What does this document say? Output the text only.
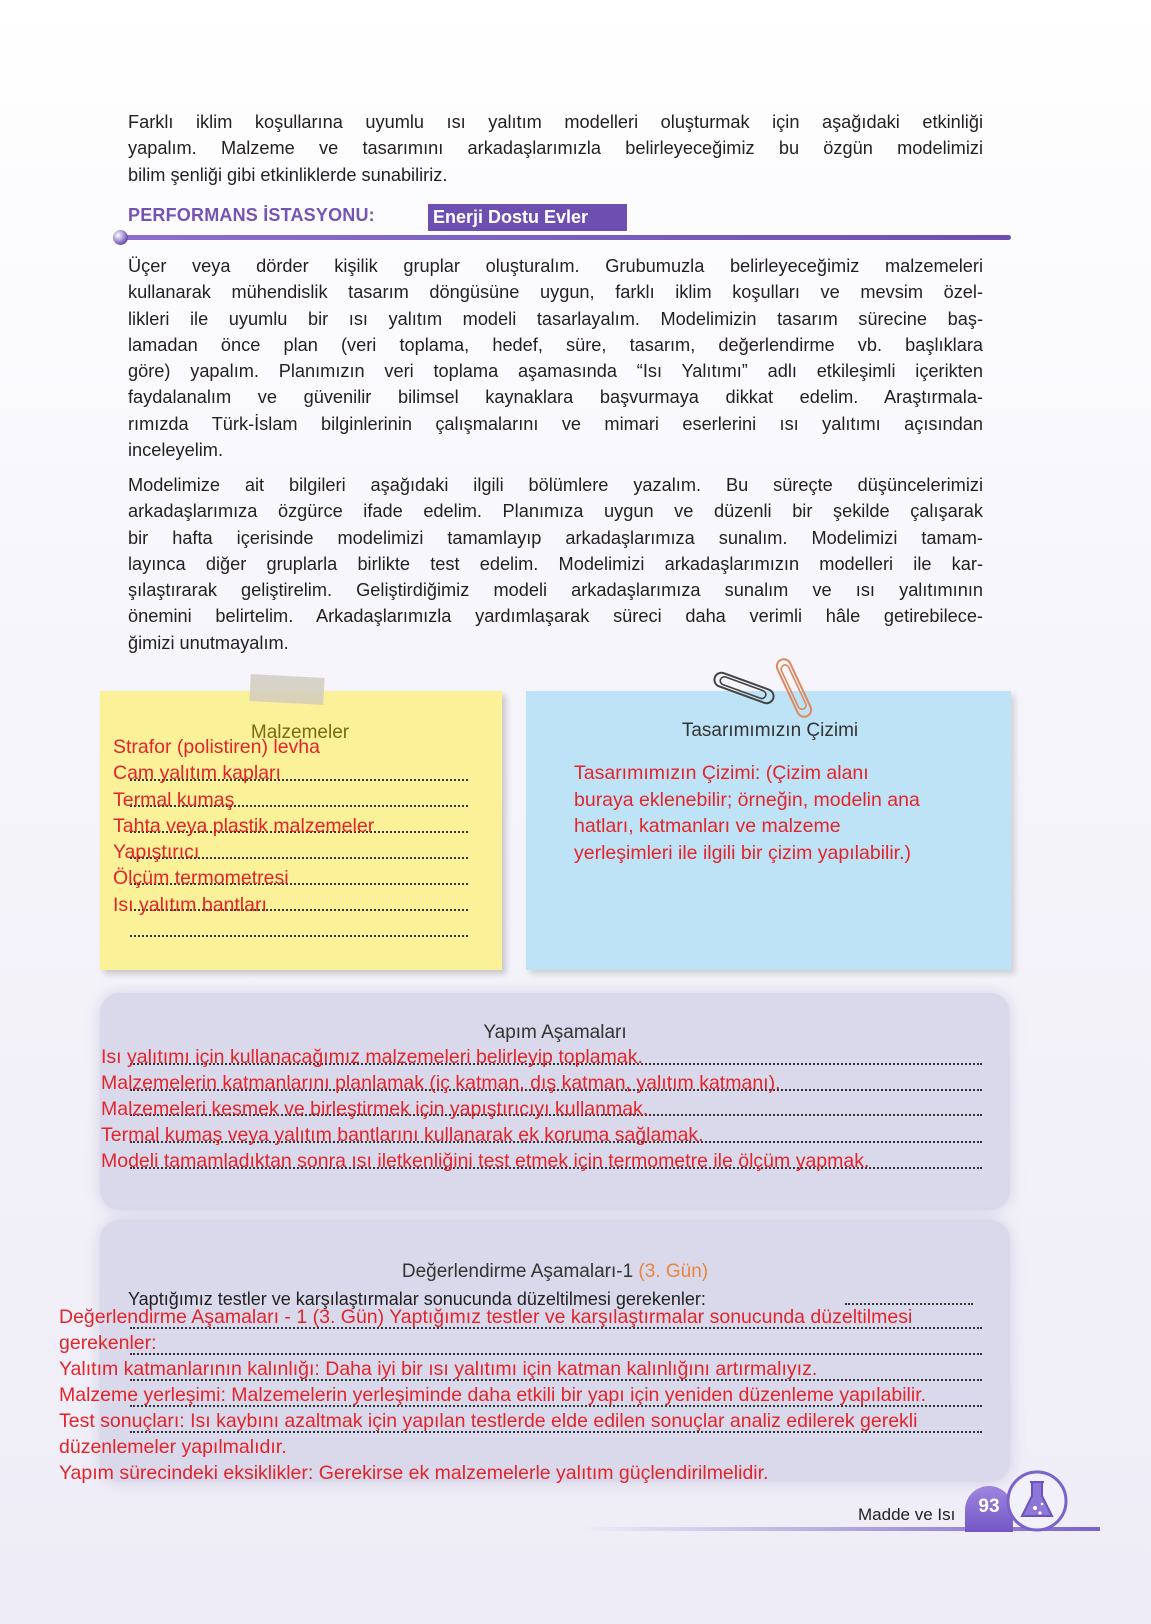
Farklı iklim koşullarına uyumlu ısı yalıtım modelleri oluşturmak için aşağıdaki etkinliği
yapalım. Malzeme ve tasarımını arkadaşlarımızla belirleyeceğimiz bu özgün modelimizi
bilim şenliği gibi etkinliklerde sunabiliriz.
PERFORMANS İSTASYONU:	Enerji Dostu Evler
Üçer veya dörder kişilik gruplar oluşturalım. Grubumuzla belirleyeceğimiz malzemeleri
kullanarak mühendislik tasarım döngüsüne uygun, farklı iklim koşulları ve mevsim özel-
likleri ile uyumlu bir ısı yalıtım modeli tasarlayalım. Modelimizin tasarım sürecine baş-
lamadan önce plan (veri toplama, hedef, süre, tasarım, değerlendirme vb. başlıklara
göre) yapalım. Planımızın veri toplama aşamasında “Isı Yalıtımı” adlı etkileşimli içerikten
faydalanalım ve güvenilir bilimsel kaynaklara başvurmaya dikkat edelim. Araştırmala-
rımızda Türk-İslam bilginlerinin çalışmalarını ve mimari eserlerini ısı yalıtımı açısından
inceleyelim.
Modelimize ait bilgileri aşağıdaki ilgili bölümlere yazalım. Bu süreçte düşüncelerimizi
arkadaşlarımıza özgürce ifade edelim. Planımıza uygun ve düzenli bir şekilde çalışarak
bir hafta içerisinde modelimizi tamamlayıp arkadaşlarımıza sunalım. Modelimizi tamam-
layınca diğer gruplarla birlikte test edelim. Modelimizi arkadaşlarımızın modelleri ile kar-
şılaştırarak geliştirelim. Geliştirdiğimiz modeli arkadaşlarımıza sunalım ve ısı yalıtımının
önemini belirtelim. Arkadaşlarımızla yardımlaşarak süreci daha verimli hâle getirebilece-
ğimizi unutmayalım.
Malzemeler
Strafor (polistiren) levha
Cam yalıtım kapları
Termal kumaş
Tahta veya plastik malzemeler
Yapıştırıcı
Ölçüm termometresi
Isı yalıtım bantları
Tasarımımızın Çizimi
Tasarımımızın Çizimi: (Çizim alanı
buraya eklenebilir; örneğin, modelin ana
hatları, katmanları ve malzeme
yerleşimleri ile ilgili bir çizim yapılabilir.)
Yapım Aşamaları
Isı yalıtımı için kullanacağımız malzemeleri belirleyip toplamak.
Malzemelerin katmanlarını planlamak (iç katman, dış katman, yalıtım katmanı).
Malzemeleri kesmek ve birleştirmek için yapıştırıcıyı kullanmak.
Termal kumaş veya yalıtım bantlarını kullanarak ek koruma sağlamak.
Modeli tamamladıktan sonra ısı iletkenliğini test etmek için termometre ile ölçüm yapmak.
Değerlendirme Aşamaları-1 (3. Gün)
Yaptığımız testler ve karşılaştırmalar sonucunda düzeltilmesi gerekenler:
Değerlendirme Aşamaları - 1 (3. Gün) Yaptığımız testler ve karşılaştırmalar sonucunda düzeltilmesi
gerekenler:
Yalıtım katmanlarının kalınlığı: Daha iyi bir ısı yalıtımı için katman kalınlığını artırmalıyız.
Malzeme yerleşimi: Malzemelerin yerleşiminde daha etkili bir yapı için yeniden düzenleme yapılabilir.
Test sonuçları: Isı kaybını azaltmak için yapılan testlerde elde edilen sonuçlar analiz edilerek gerekli
düzenlemeler yapılmalıdır.
Yapım sürecindeki eksiklikler: Gerekirse ek malzemelerle yalıtım güçlendirilmelidir.
Madde ve Isı	93
